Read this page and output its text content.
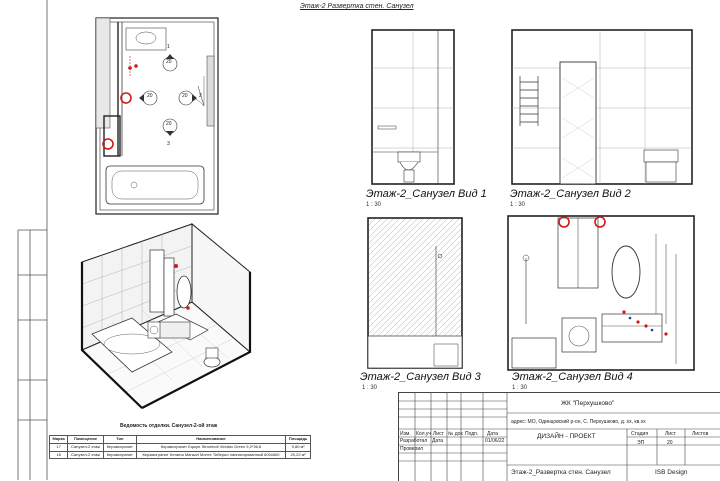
Этаж-2 Развертка стен. Санузел
20
20	20
20
1
2
3
Этаж-2_Санузел Вид 1
1 : 30
Этаж-2_Санузел Вид 2
1 : 30
Этаж-2_Санузел Вид 3
1 : 30
Этаж-2_Санузел Вид 4
1 : 30
Ведомость отделки. Санузел-2-ой этаж
Марка	Помещение	Тип	Наименование	Площадь
17	Санузел-2 этаж	Керамогранит	Керамогранит Equipe Stromboli Viridian Green 9,2*36,8	9,80 м²
18	Санузел-2 этаж	Керамогранит	Керамогранит Kerama Marazzi Монте Тиберио лаппатированный 600х600	20,22 м²
ЖК "Перхушково"
адрес: МО, Одинцовский р-он, С. Перхушково, д. хх, кв.хх
Изм. Кол.уч Лист № док Подп. Дата
Разработал Дата	01/06/22
Проверил
Стадия	Лист	Листов
ЭП	20
ДИЗАЙН - ПРОЕКТ
Этаж-2_Развертка стен. Санузел	ISB Design
